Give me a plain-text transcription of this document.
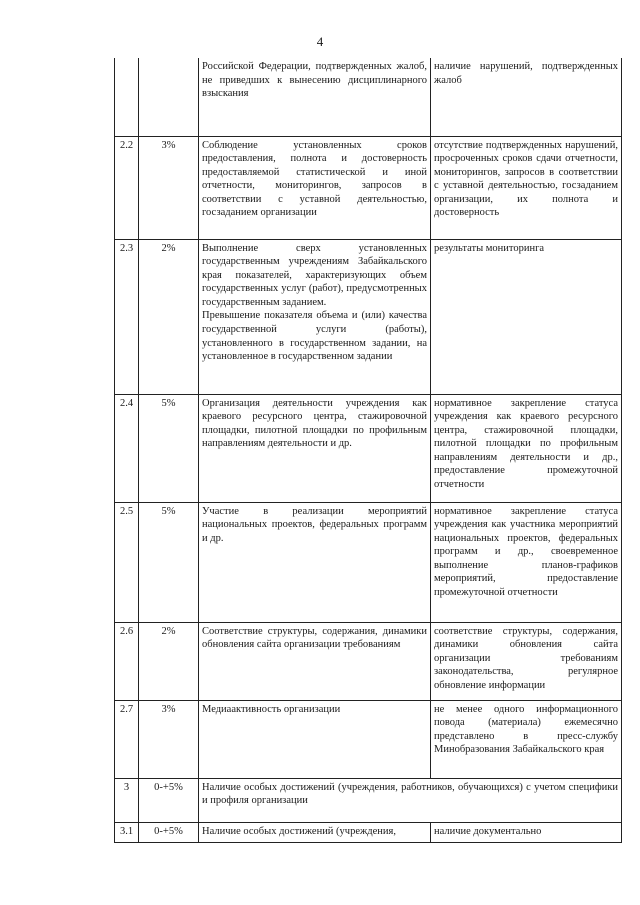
4

		Российской Федерации, подтвержденных жалоб, не приведших к вынесению дисциплинарного взыскания	наличие нарушений, подтвержденных жалоб
2.2	3%	Соблюдение установленных сроков предоставления, полнота и достоверность предоставляемой статистической и иной отчетности, мониторингов, запросов в соответствии с уставной деятельностью, госзаданием организации	отсутствие подтвержденных нарушений, просроченных сроков сдачи отчетности, мониторингов, запросов в соответствии с уставной деятельностью, госзаданием организации, их полнота и достоверность
2.3	2%	Выполнение сверх установленных государственным учреждениям Забайкальского края показателей, характеризующих объем государственных услуг (работ), предусмотренных государственным заданием.

Превышение показателя объема и (или) качества государственной услуги (работы), установленного в государственном задании, на установленное в государственном задании	результаты мониторинга
2.4	5%	Организация деятельности учреждения как краевого ресурсного центра, стажировочной площадки, пилотной площадки по профильным направлениям деятельности и др.	нормативное закрепление статуса учреждения как краевого ресурсного центра, стажировочной площадки, пилотной площадки по профильным направлениям деятельности и др., предоставление промежуточной отчетности
2.5	5%	Участие в реализации мероприятий национальных проектов, федеральных программ и др.	нормативное закрепление статуса учреждения как участника мероприятий национальных проектов, федеральных программ и др., своевременное выполнение планов-графиков мероприятий, предоставление промежуточной отчетности
2.6	2%	Соответствие структуры, содержания, динамики обновления сайта организации требованиям	соответствие структуры, содержания, динамики обновления сайта организации требованиям законодательства, регулярное обновление информации
2.7	3%	Медиаактивность организации	не менее одного информационного повода (материала) ежемесячно представлено в пресс-службу Минобразования Забайкальского края
3	0-+5%	Наличие особых достижений (учреждения, работников, обучающихся) с учетом специфики и профиля организации	
3.1	0-+5%	Наличие особых достижений (учреждения,	наличие документально
